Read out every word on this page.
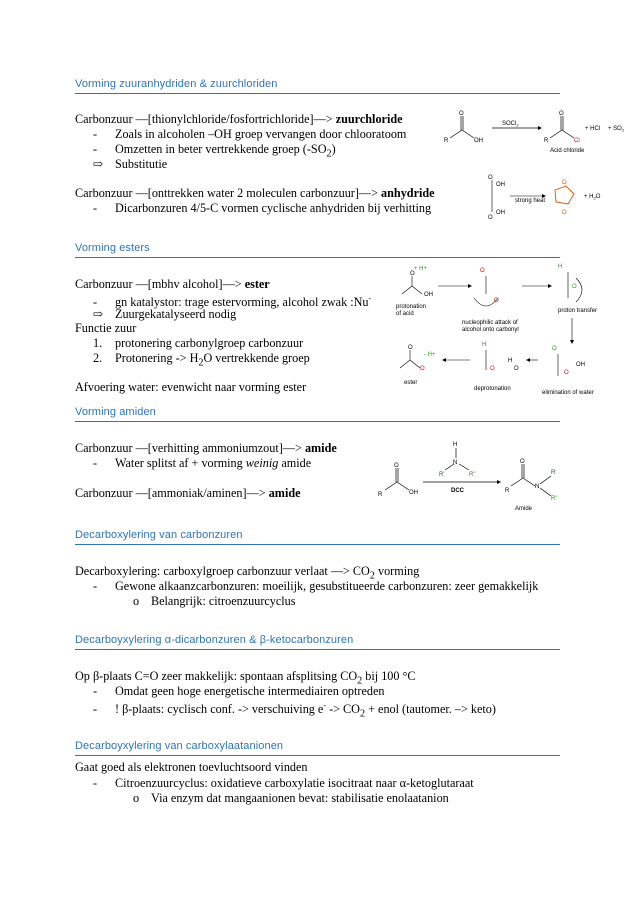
Vorming zuuranhydriden & zuurchloriden
Carbonzuur —[thionylchloride/fosfortrichloride]—> zuurchloride
- Zoals in alcoholen –OH groep vervangen door chlooratoom
- Omzetten in beter vertrekkende groep $(-SO_2)$
⇨ Substitutie
Carbonzuur —[onttrekken water 2 moleculen carbonzuur]—> anhydride
- Dicarbonzuren 4/5-C vormen cyclische anhydriden bij verhitting
O
R	OH
SOCl$_2$
O
R	Cl
Acid chloride
+ HCl + $SO_2$
O
OH
OH
O
strong heat
O
O
+ $H_2O$
Vorming esters
Carbonzuur —[mbhv alcohol]—> ester
- gn katalystor: trage estervorming, alcohol zwak :Nu-
⇨ Zuurgekatalyseerd nodig
Functie zuur
1. protonering carbonylgroep carbonzuur
2. Protonering -> $H_2O$ vertrekkende groep
Afvoering water: evenwicht naar vorming ester
+ H+
O
OH
protonation
of acid
O
O
nucleophilic attack of
alcohol onto carbonyl
H
O
proton transfer
O
O
ester
- H+
H
O
deprotonation
H
O
O
O
OH
elimination of water
Vorming amiden
Carbonzuur —[verhitting ammoniumzout]—> amide
- Water splitst af + vorming weinig amide
Carbonzuur —[ammoniak/aminen]—> amide
O
R	OH
H
N
R'	R"
DCC
O
R
N
R'
R"
Amide
Decarboxylering van carbonzuren
Decarboxylering: carboxylgroep carbonzuur verlaat —> $CO_2$ vorming
- Gewone alkaanzcarbonzuren: moeilijk, gesubstitueerde carbonzuren: zeer gemakkelijk
o Belangrijk: citroenzuurcyclus
Decarboyxylering α-dicarbonzuren & β-ketocarbonzuren
Op β-plaats C=O zeer makkelijk: spontaan afsplitsing $CO_2$ bij 100 °C
- Omdat geen hoge energetische intermediairen optreden
- ! β-plaats: cyclisch conf. -> verschuiving $e^- -> CO_2$ + enol (tautomer. –> keto)
Decarboyxylering van carboxylaatanionen
Gaat goed als elektronen toevluchtsoord vinden
- Citroenzuurcyclus: oxidatieve carboxylatie isocitraat naar α-ketoglutaraat
o Via enzym dat mangaanionen bevat: stabilisatie enolaatanion
